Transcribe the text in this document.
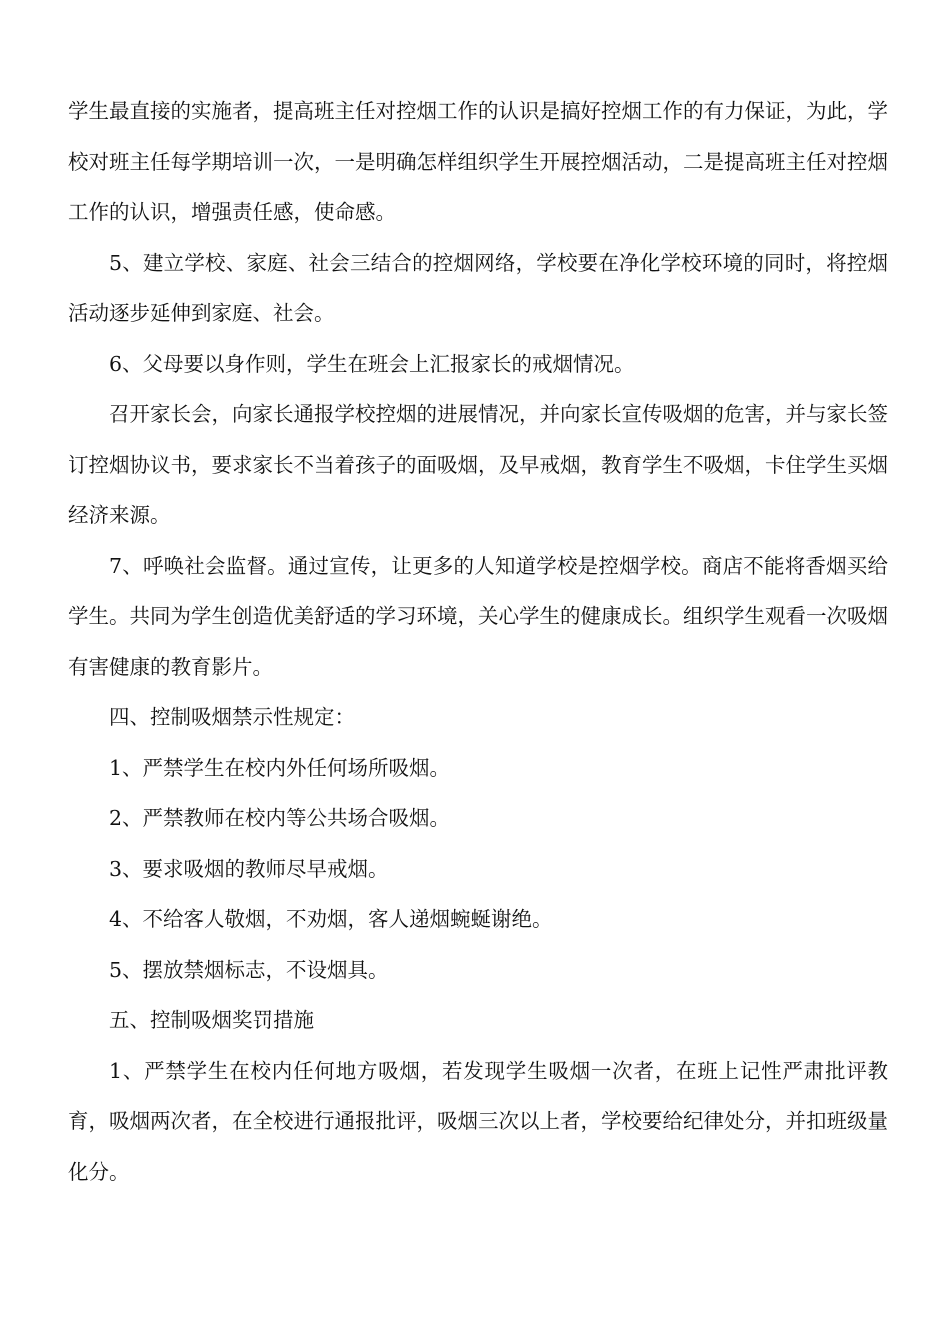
学生最直接的实施者，提高班主任对控烟工作的认识是搞好控烟工作的有力保证，为此，学校对班主任每学期培训一次，一是明确怎样组织学生开展控烟活动，二是提高班主任对控烟工作的认识，增强责任感，使命感。

5、建立学校、家庭、社会三结合的控烟网络，学校要在净化学校环境的同时，将控烟活动逐步延伸到家庭、社会。

6、父母要以身作则，学生在班会上汇报家长的戒烟情况。

召开家长会，向家长通报学校控烟的进展情况，并向家长宣传吸烟的危害，并与家长签订控烟协议书，要求家长不当着孩子的面吸烟，及早戒烟，教育学生不吸烟，卡住学生买烟经济来源。

7、呼唤社会监督。通过宣传，让更多的人知道学校是控烟学校。商店不能将香烟买给学生。共同为学生创造优美舒适的学习环境，关心学生的健康成长。组织学生观看一次吸烟有害健康的教育影片。

四、控制吸烟禁示性规定：

1、严禁学生在校内外任何场所吸烟。

2、严禁教师在校内等公共场合吸烟。

3、要求吸烟的教师尽早戒烟。

4、不给客人敬烟，不劝烟，客人递烟蜿蜒谢绝。

5、摆放禁烟标志，不设烟具。

五、控制吸烟奖罚措施

1、严禁学生在校内任何地方吸烟，若发现学生吸烟一次者，在班上记性严肃批评教育，吸烟两次者，在全校进行通报批评，吸烟三次以上者，学校要给纪律处分，并扣班级量化分。
